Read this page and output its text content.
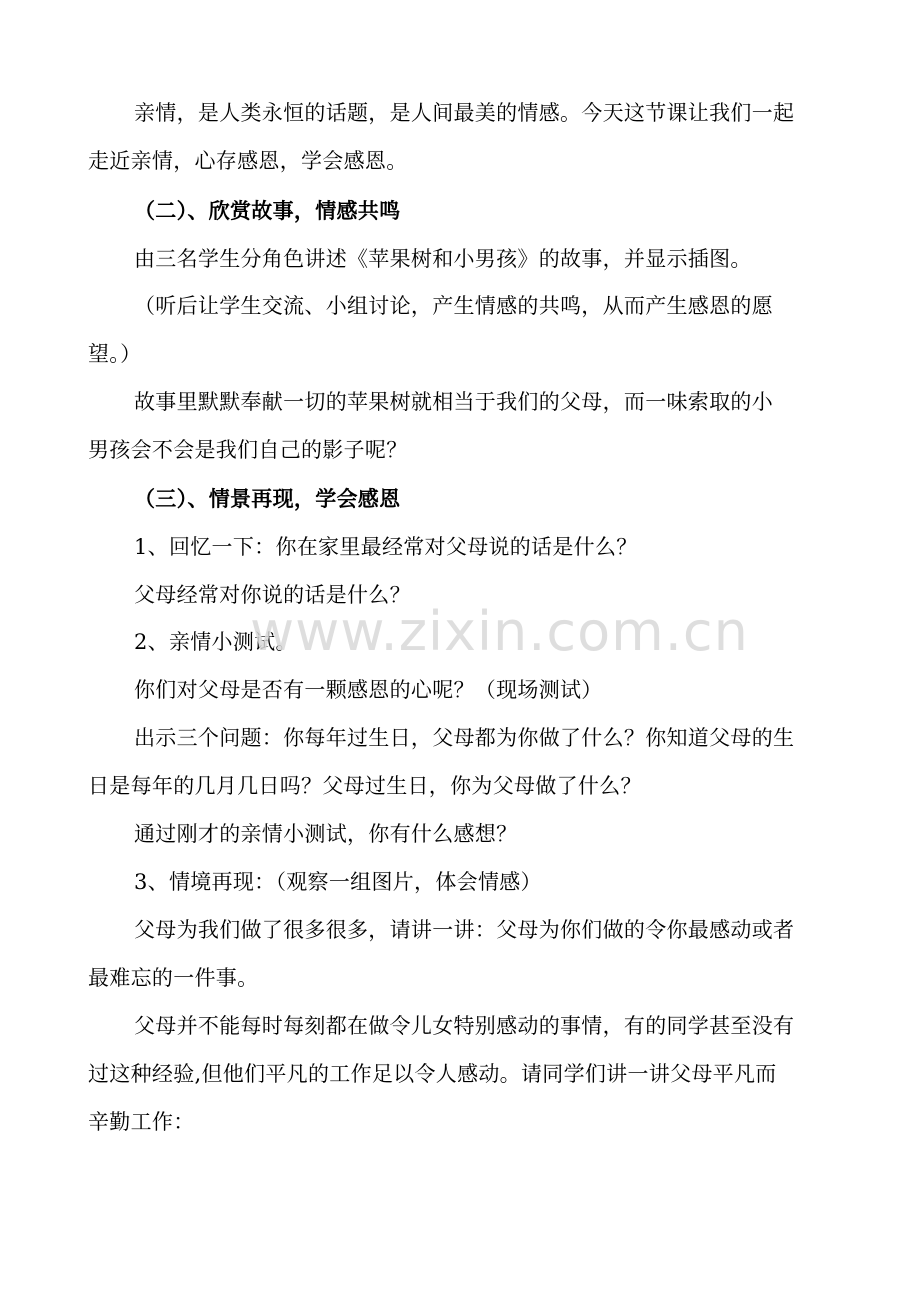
亲情，是人类永恒的话题，是人间最美的情感。今天这节课让我们一起
走近亲情，心存感恩，学会感恩。
（二）、欣赏故事，情感共鸣
由三名学生分角色讲述《苹果树和小男孩》的故事，并显示插图。
（听后让学生交流、小组讨论，产生情感的共鸣，从而产生感恩的愿
望。）
故事里默默奉献一切的苹果树就相当于我们的父母，而一味索取的小
男孩会不会是我们自己的影子呢？
（三）、情景再现，学会感恩
1、回忆一下：你在家里最经常对父母说的话是什么？
父母经常对你说的话是什么？
2、亲情小测试。
你们对父母是否有一颗感恩的心呢？（现场测试）
出示三个问题：你每年过生日，父母都为你做了什么？你知道父母的生
日是每年的几月几日吗？父母过生日，你为父母做了什么？
通过刚才的亲情小测试，你有什么感想？
3、情境再现：（观察一组图片，体会情感）
父母为我们做了很多很多，请讲一讲：父母为你们做的令你最感动或者
最难忘的一件事。
父母并不能每时每刻都在做令儿女特别感动的事情，有的同学甚至没有
过这种经验,但他们平凡的工作足以令人感动。请同学们讲一讲父母平凡而
辛勤工作：
www.zixin.com.cn
